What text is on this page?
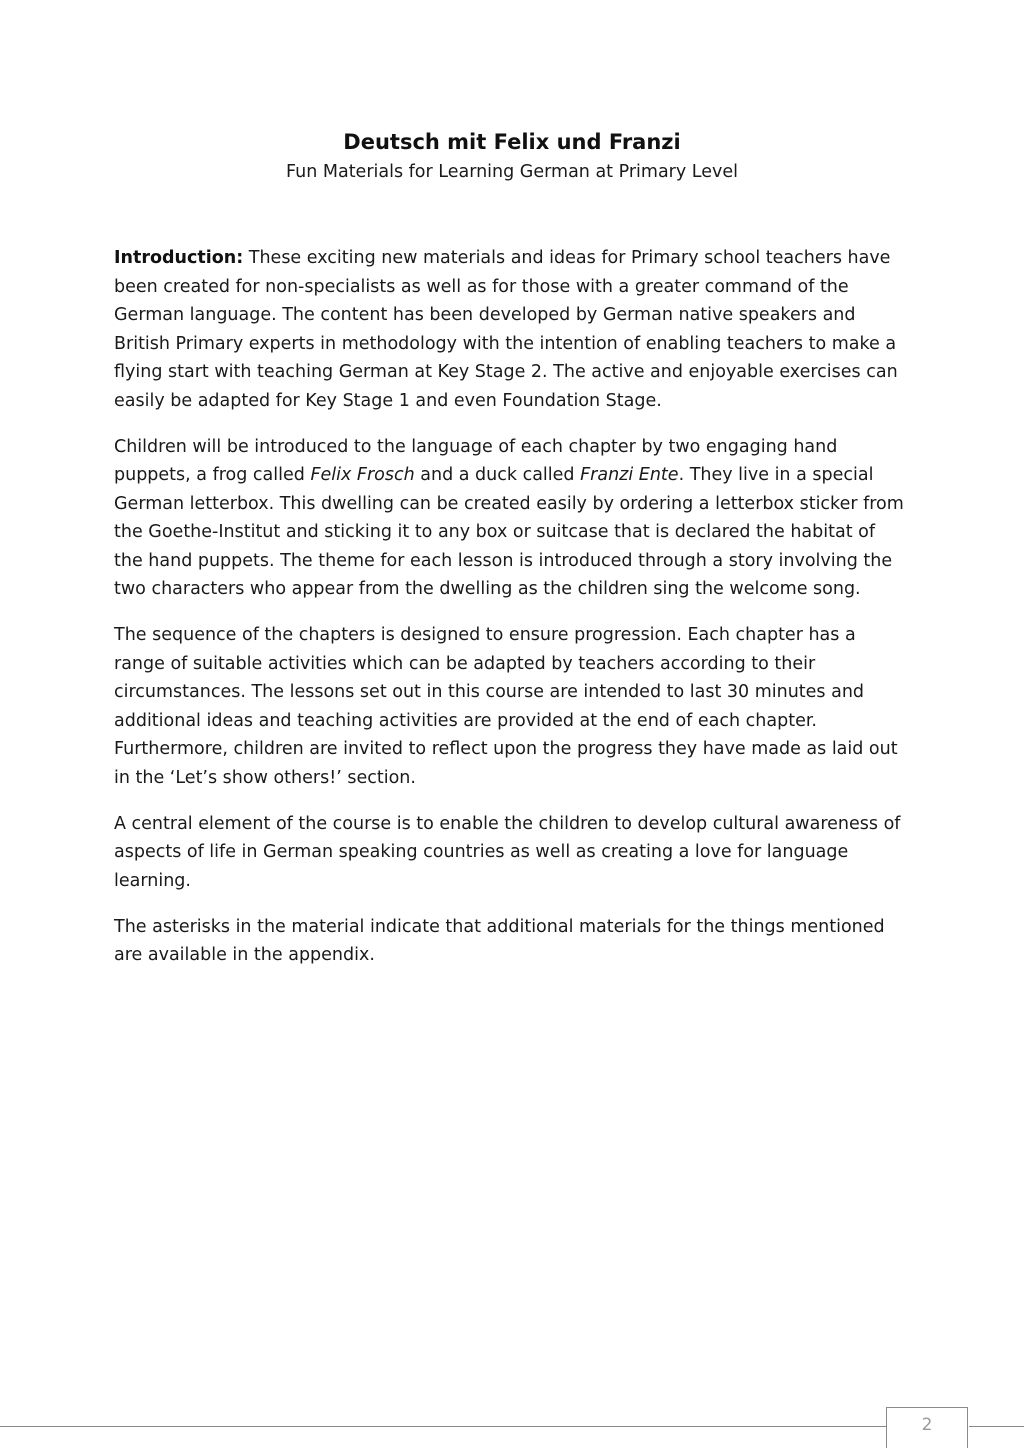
Deutsch mit Felix und Franzi
Fun Materials for Learning German at Primary Level

Introduction: These exciting new materials and ideas for Primary school teachers have been created for non-specialists as well as for those with a greater command of the German language. The content has been developed by German native speakers and British Primary experts in methodology with the intention of enabling teachers to make a flying start with teaching German at Key Stage 2. The active and enjoyable exercises can easily be adapted for Key Stage 1 and even Foundation Stage.

Children will be introduced to the language of each chapter by two engaging hand puppets, a frog called Felix Frosch and a duck called Franzi Ente. They live in a special German letterbox. This dwelling can be created easily by ordering a letterbox sticker from the Goethe-Institut and sticking it to any box or suitcase that is declared the habitat of the hand puppets. The theme for each lesson is introduced through a story involving the two characters who appear from the dwelling as the children sing the welcome song.

The sequence of the chapters is designed to ensure progression. Each chapter has a range of suitable activities which can be adapted by teachers according to their circumstances. The lessons set out in this course are intended to last 30 minutes and additional ideas and teaching activities are provided at the end of each chapter. Furthermore, children are invited to reflect upon the progress they have made as laid out in the ‘Let’s show others!’ section.

A central element of the course is to enable the children to develop cultural awareness of aspects of life in German speaking countries as well as creating a love for language learning.

The asterisks in the material indicate that additional materials for the things mentioned are available in the appendix.

2
